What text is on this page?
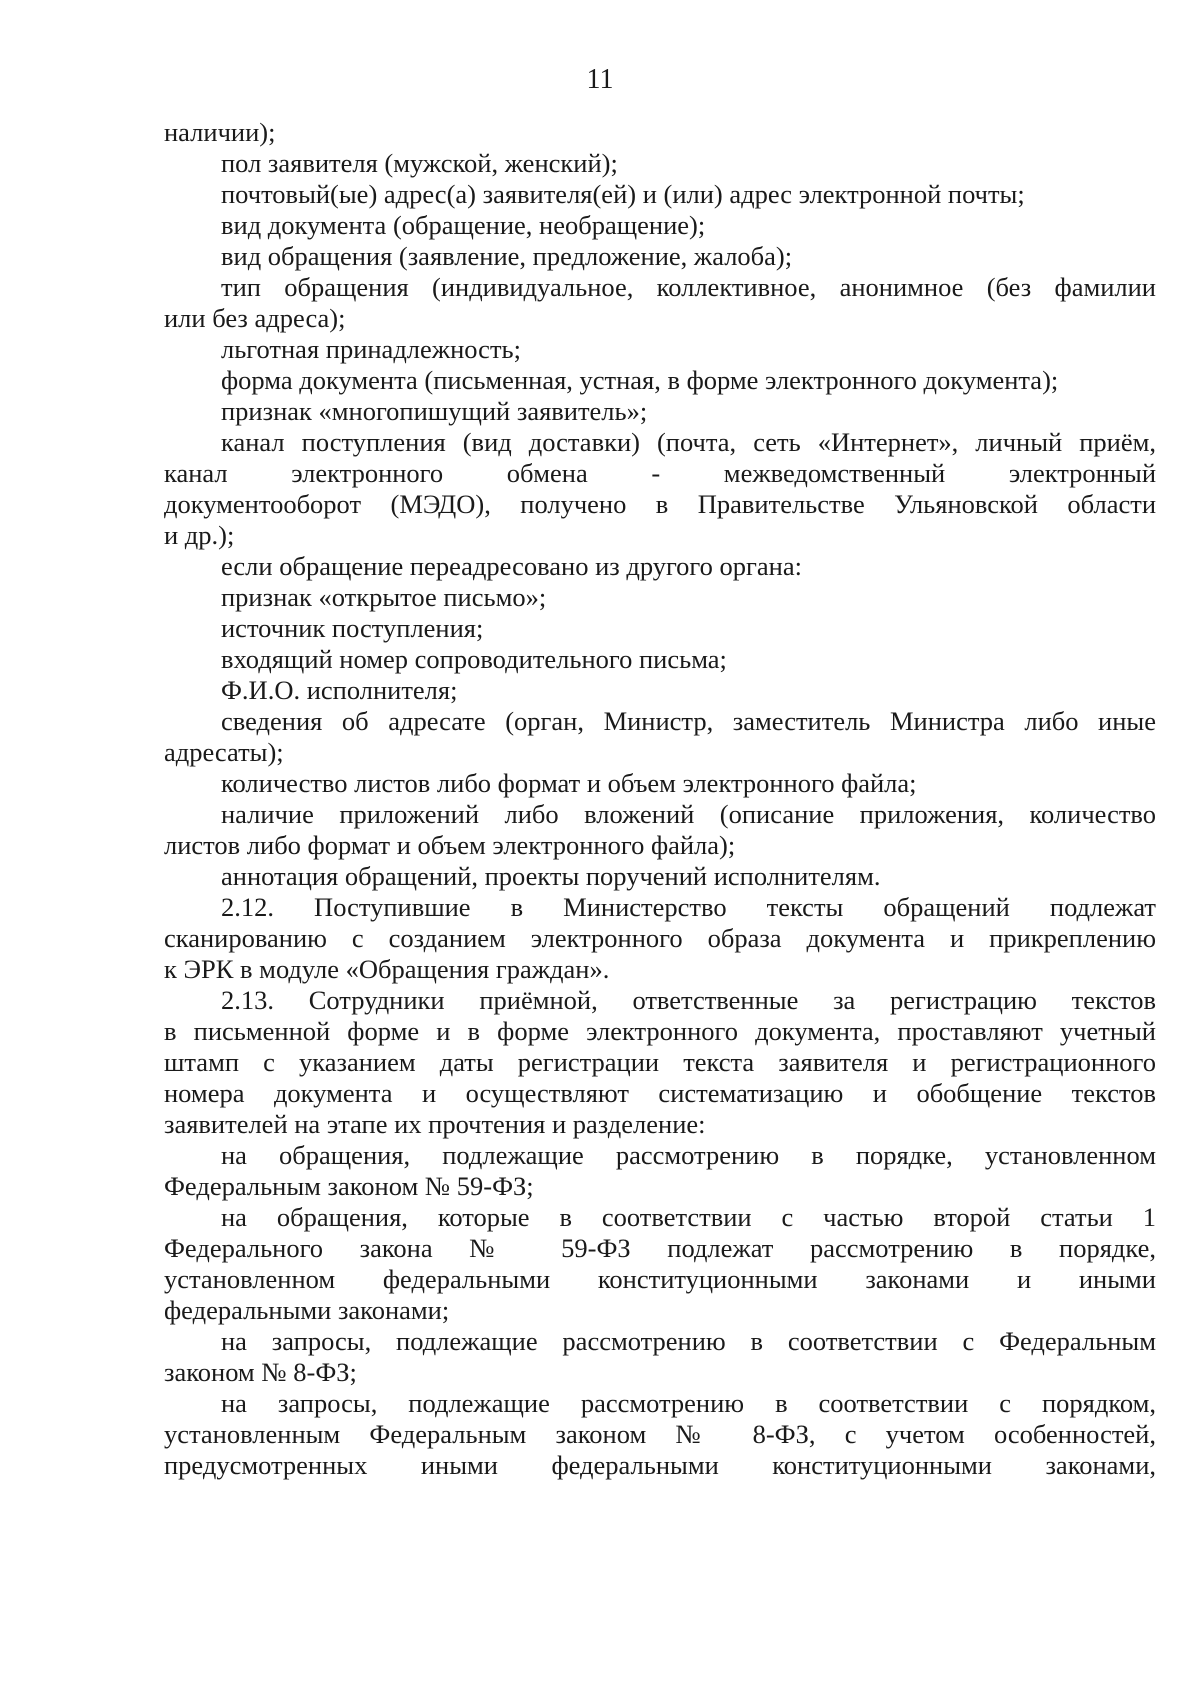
11
наличии);
пол заявителя (мужской, женский);
почтовый(ые) адрес(а) заявителя(ей) и (или) адрес электронной почты;
вид документа (обращение, необращение);
вид обращения (заявление, предложение, жалоба);
тип обращения (индивидуальное, коллективное, анонимное (без фамилии
или без адреса);
льготная принадлежность;
форма документа (письменная, устная, в форме электронного документа);
признак «многопишущий заявитель»;
канал поступления (вид доставки) (почта, сеть «Интернет», личный приём,
канал электронного обмена - межведомственный электронный
документооборот (МЭДО), получено в Правительстве Ульяновской области
и др.);
если обращение переадресовано из другого органа:
признак «открытое письмо»;
источник поступления;
входящий номер сопроводительного письма;
Ф.И.О. исполнителя;
сведения об адресате (орган, Министр, заместитель Министра либо иные
адресаты);
количество листов либо формат и объем электронного файла;
наличие приложений либо вложений (описание приложения, количество
листов либо формат и объем электронного файла);
аннотация обращений, проекты поручений исполнителям.
2.12. Поступившие в Министерство тексты обращений подлежат
сканированию с созданием электронного образа документа и прикреплению
к ЭРК в модуле «Обращения граждан».
2.13. Сотрудники приёмной, ответственные за регистрацию текстов
в письменной форме и в форме электронного документа, проставляют учетный
штамп с указанием даты регистрации текста заявителя и регистрационного
номера документа и осуществляют систематизацию и обобщение текстов
заявителей на этапе их прочтения и разделение:
на обращения, подлежащие рассмотрению в порядке, установленном
Федеральным законом № 59-ФЗ;
на обращения, которые в соответствии с частью второй статьи 1
Федерального закона № 59-ФЗ подлежат рассмотрению в порядке,
установленном федеральными конституционными законами и иными
федеральными законами;
на запросы, подлежащие рассмотрению в соответствии с Федеральным
законом № 8-ФЗ;
на запросы, подлежащие рассмотрению в соответствии с порядком,
установленным Федеральным законом № 8-ФЗ, с учетом особенностей,
предусмотренных иными федеральными конституционными законами,
